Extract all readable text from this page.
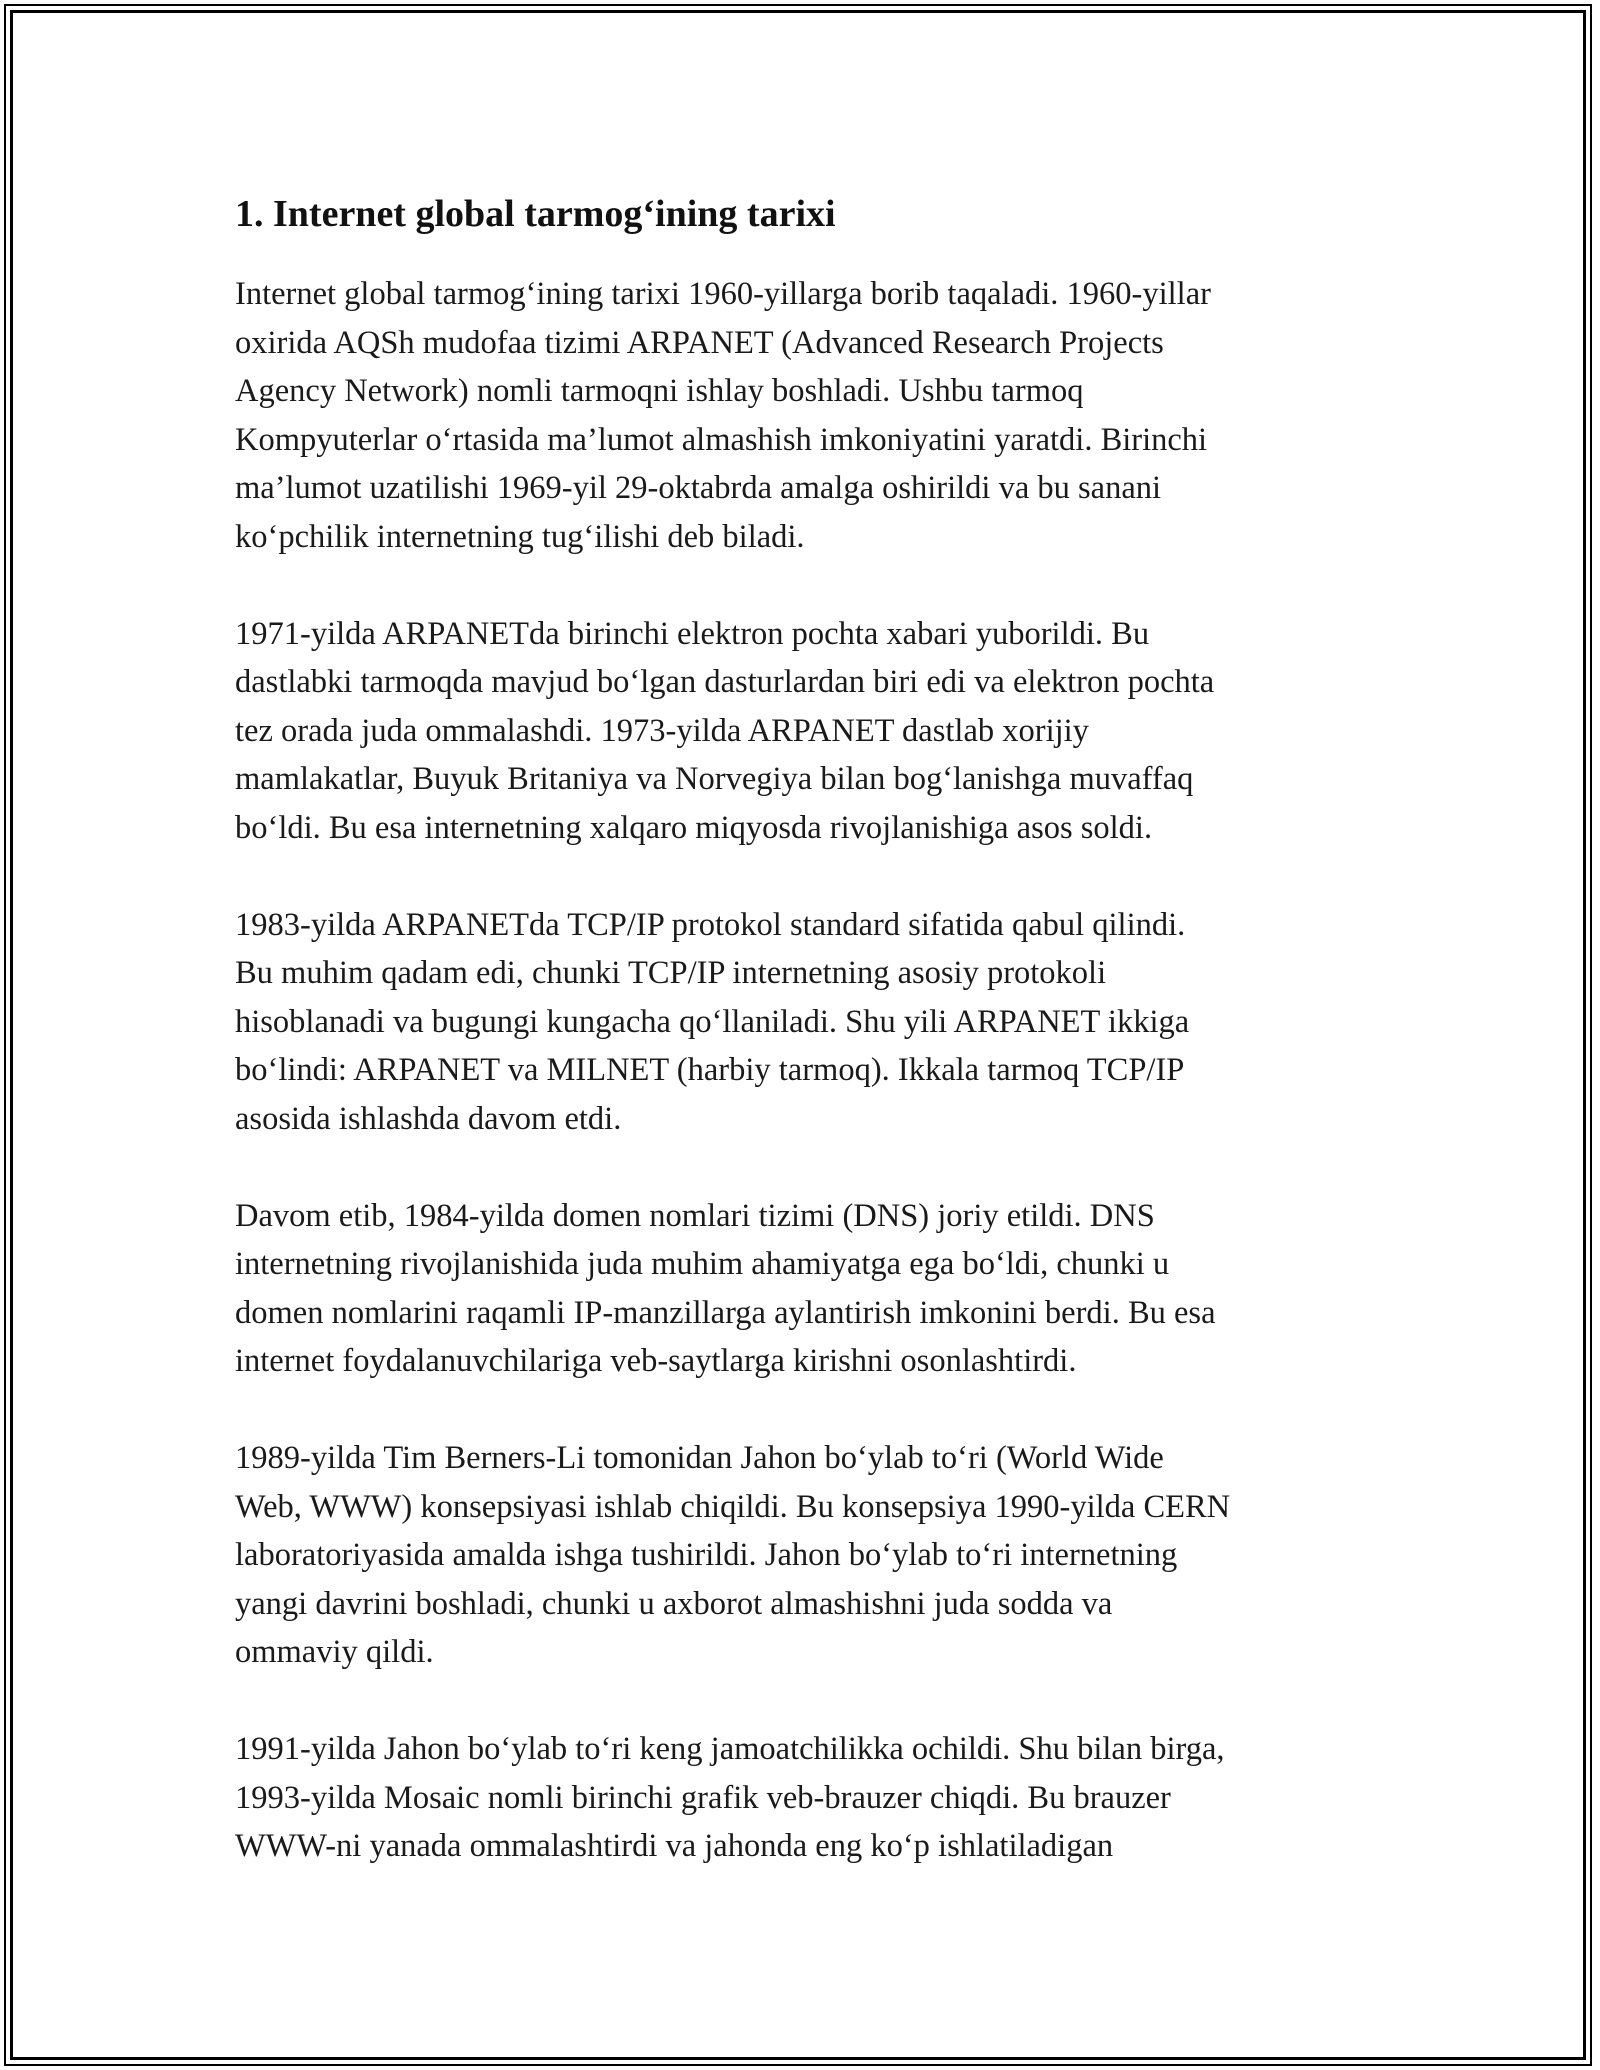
1. Internet global tarmog‘ining tarixi

Internet global tarmog‘ining tarixi 1960-yillarga borib taqaladi. 1960-yillar
oxirida AQSh mudofaa tizimi ARPANET (Advanced Research Projects
Agency Network) nomli tarmoqni ishlay boshladi. Ushbu tarmoq
Kompyuterlar o‘rtasida ma’lumot almashish imkoniyatini yaratdi. Birinchi
ma’lumot uzatilishi 1969-yil 29-oktabrda amalga oshirildi va bu sanani
ko‘pchilik internetning tug‘ilishi deb biladi.

1971-yilda ARPANETda birinchi elektron pochta xabari yuborildi. Bu
dastlabki tarmoqda mavjud bo‘lgan dasturlardan biri edi va elektron pochta
tez orada juda ommalashdi. 1973-yilda ARPANET dastlab xorijiy
mamlakatlar, Buyuk Britaniya va Norvegiya bilan bog‘lanishga muvaffaq
bo‘ldi. Bu esa internetning xalqaro miqyosda rivojlanishiga asos soldi.

1983-yilda ARPANETda TCP/IP protokol standard sifatida qabul qilindi.
Bu muhim qadam edi, chunki TCP/IP internetning asosiy protokoli
hisoblanadi va bugungi kungacha qo‘llaniladi. Shu yili ARPANET ikkiga
bo‘lindi: ARPANET va MILNET (harbiy tarmoq). Ikkala tarmoq TCP/IP
asosida ishlashda davom etdi.

Davom etib, 1984-yilda domen nomlari tizimi (DNS) joriy etildi. DNS
internetning rivojlanishida juda muhim ahamiyatga ega bo‘ldi, chunki u
domen nomlarini raqamli IP-manzillarga aylantirish imkonini berdi. Bu esa
internet foydalanuvchilariga veb-saytlarga kirishni osonlashtirdi.

1989-yilda Tim Berners-Li tomonidan Jahon bo‘ylab to‘ri (World Wide
Web, WWW) konsepsiyasi ishlab chiqildi. Bu konsepsiya 1990-yilda CERN
laboratoriyasida amalda ishga tushirildi. Jahon bo‘ylab to‘ri internetning
yangi davrini boshladi, chunki u axborot almashishni juda sodda va
ommaviy qildi.

1991-yilda Jahon bo‘ylab to‘ri keng jamoatchilikka ochildi. Shu bilan birga,
1993-yilda Mosaic nomli birinchi grafik veb-brauzer chiqdi. Bu brauzer
WWW-ni yanada ommalashtirdi va jahonda eng ko‘p ishlatiladigan
